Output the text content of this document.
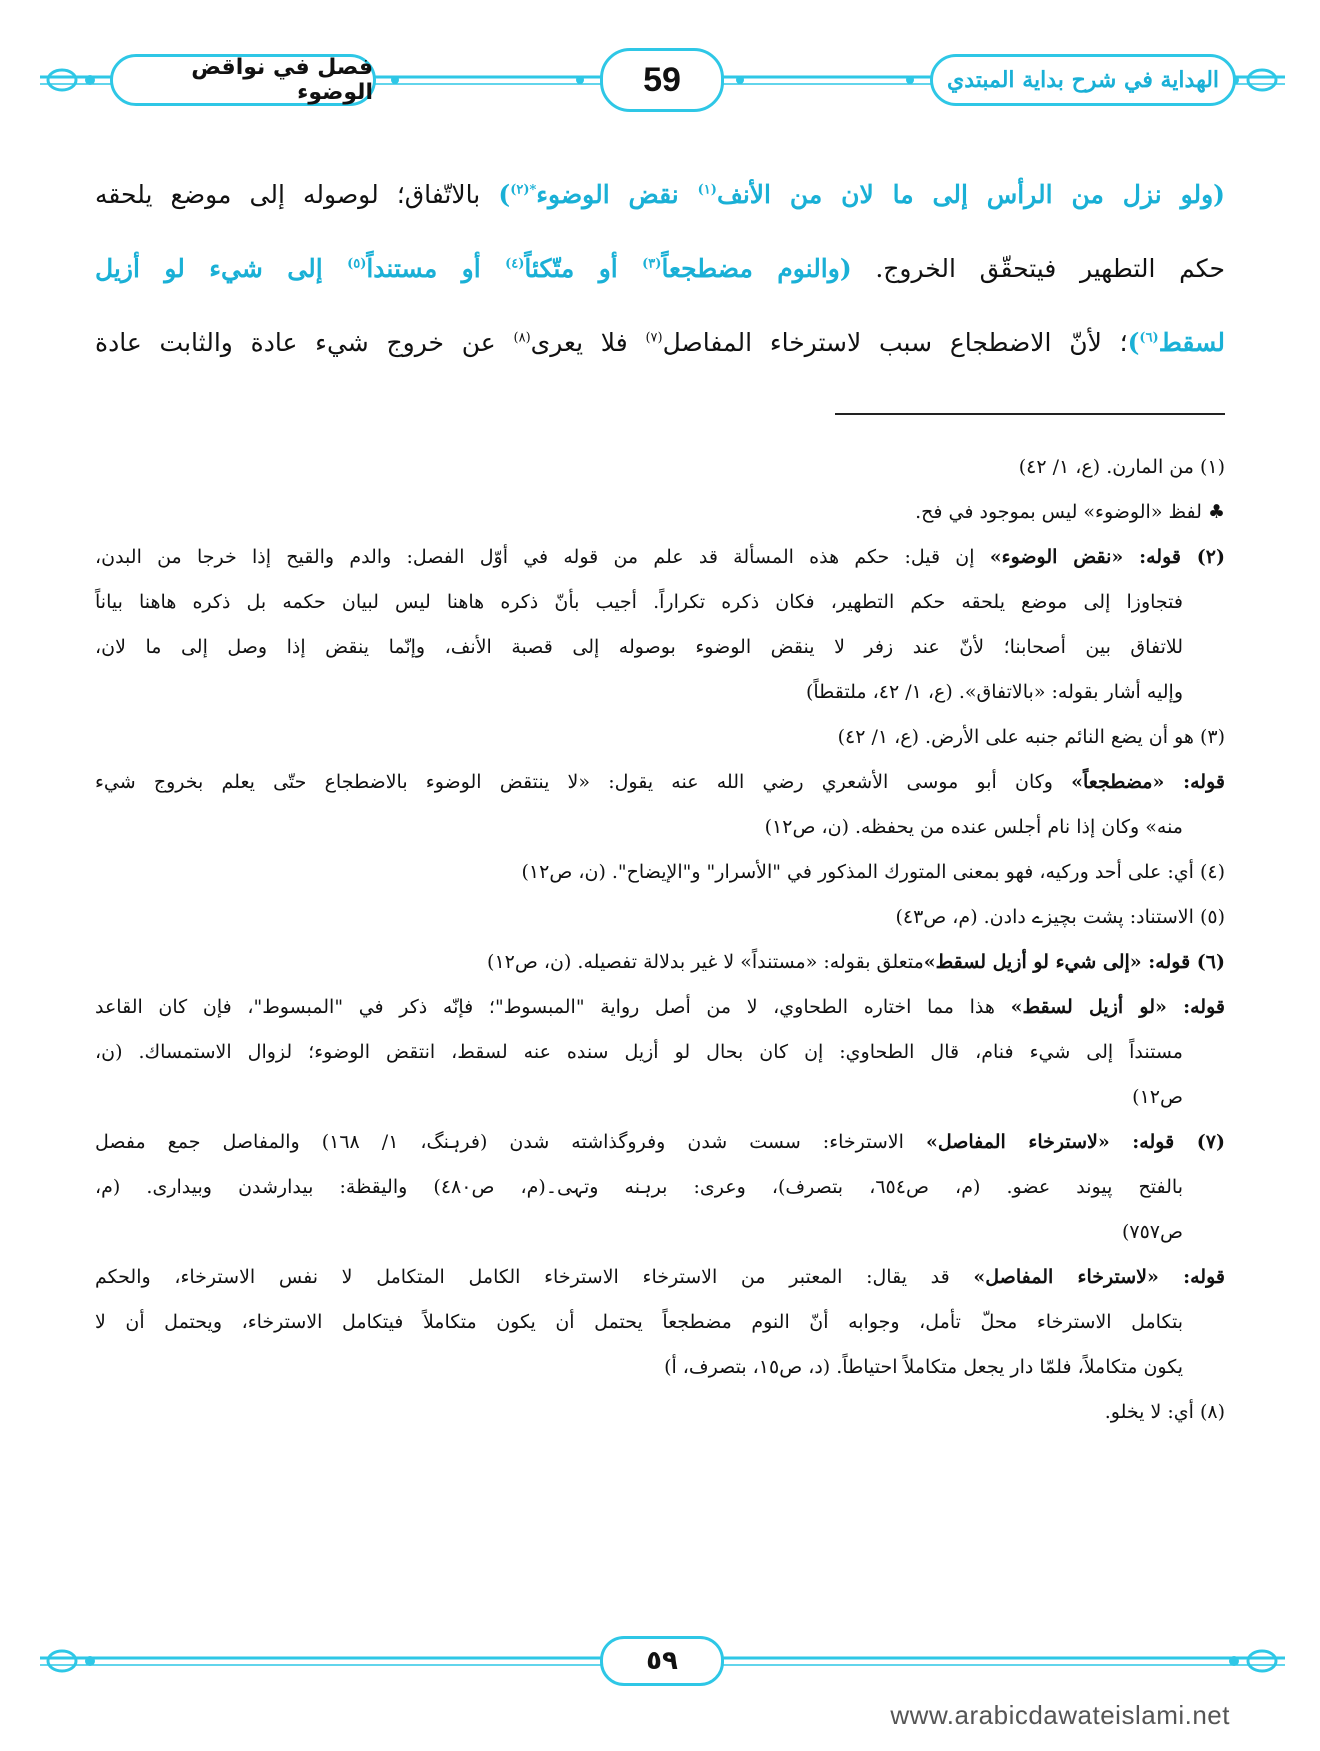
فصل في نواقض الوضوء	59	الهداية في شرح بداية المبتدي
(ولو نزل من الرأس إلى ما لان من الأنف$^{(١)}$ نقض الوضوء$^{*(٢)}$) بالاتّفاق؛ لوصوله إلى موضع يلحقه
حكم التطهير فيتحقّق الخروج. (والنوم مضطجعاً$^{(٣)}$ أو متّكئاً$^{(٤)}$ أو مستنداً$^{(٥)}$ إلى شيء لو أزيل
لسقط$^{(٦)}$)؛ لأنّ الاضطجاع سبب لاسترخاء المفاصل$^{(٧)}$ فلا يعرى$^{(٨)}$ عن خروج شيء عادة والثابت عادة
(١) من المارن. (ع، ١/ ٤٢)
♣ لفظ «الوضوء» ليس بموجود في فح.
(٢) قوله: «نقض الوضوء» إن قيل: حكم هذه المسألة قد علم من قوله في أوّل الفصل: والدم والقيح إذا خرجا من البدن،
فتجاوزا إلى موضع يلحقه حكم التطهير، فكان ذكره تكراراً. أجيب بأنّ ذكره هاهنا ليس لبيان حكمه بل ذكره هاهنا بياناً
للاتفاق بين أصحابنا؛ لأنّ عند زفر لا ينقض الوضوء بوصوله إلى قصبة الأنف، وإنّما ينقض إذا وصل إلى ما لان،
وإليه أشار بقوله: «بالاتفاق». (ع، ١/ ٤٢، ملتقطاً)
(٣) هو أن يضع النائم جنبه على الأرض. (ع، ١/ ٤٢)
قوله: «مضطجعاً» وكان أبو موسى الأشعري رضي الله عنه يقول: «لا ينتقض الوضوء بالاضطجاع حتّى يعلم بخروج شيء
منه» وكان إذا نام أجلس عنده من يحفظه. (ن، ص١٢)
(٤) أي: على أحد وركيه، فهو بمعنى المتورك المذكور في "الأسرار" و"الإيضاح". (ن، ص١٢)
(٥) الاستناد: پشت بچيزے دادن. (م، ص٤٣)
(٦) قوله: «إلى شيء لو أزيل لسقط»متعلق بقوله: «مستنداً» لا غير بدلالة تفصيله. (ن، ص١٢)
قوله: «لو أزيل لسقط» هذا مما اختاره الطحاوي، لا من أصل رواية "المبسوط"؛ فإنّه ذكر في "المبسوط"، فإن كان القاعد
مستنداً إلى شيء فنام، قال الطحاوي: إن كان بحال لو أزيل سنده عنه لسقط، انتقض الوضوء؛ لزوال الاستمساك. (ن،
ص١٢)
(٧) قوله: «لاسترخاء المفاصل» الاسترخاء: سست شدن وفروگذاشته شدن (فرہنگ، ١/ ١٦٨) والمفاصل جمع مفصل
بالفتح پيوند عضو. (م، ص٦٥٤، بتصرف)، وعرى: برہنه وتہی۔(م، ص٤٨٠) واليقظة: بيدارشدن وبيدارى. (م،
ص٧٥٧)
قوله: «لاسترخاء المفاصل» قد يقال: المعتبر من الاسترخاء الاسترخاء الكامل المتكامل لا نفس الاسترخاء، والحكم
بتكامل الاسترخاء محلّ تأمل، وجوابه أنّ النوم مضطجعاً يحتمل أن يكون متكاملاً فيتكامل الاسترخاء، ويحتمل أن لا
يكون متكاملاً، فلمّا دار يجعل متكاملاً احتياطاً. (د، ص١٥، بتصرف، أ)
(٨) أي: لا يخلو.
٥٩
www.arabicdawateislami.net
